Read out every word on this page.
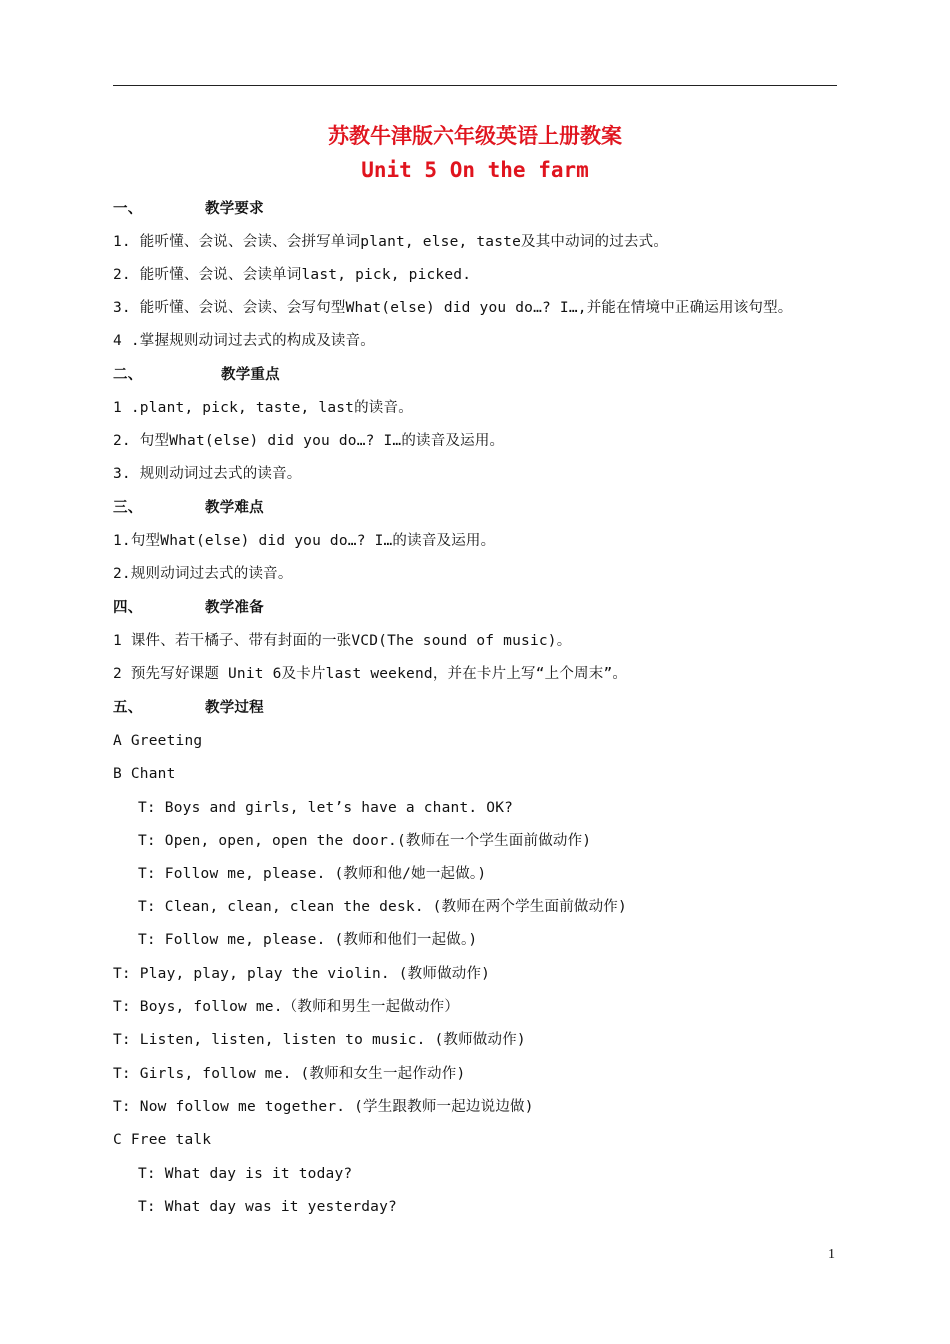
苏教牛津版六年级英语上册教案
Unit 5 On the farm
一、	教学要求
1. 能听懂、会说、会读、会拼写单词plant, else, taste及其中动词的过去式。
2. 能听懂、会说、会读单词last, pick, picked.
3. 能听懂、会说、会读、会写句型What(else) did you do…? I…,并能在情境中正确运用该句型。
4 .掌握规则动词过去式的构成及读音。
二、	教学重点
1 .plant, pick, taste, last的读音。
2. 句型What(else) did you do…? I…的读音及运用。
3. 规则动词过去式的读音。
三、	教学难点
1.句型What(else) did you do…? I…的读音及运用。
2.规则动词过去式的读音。
四、	教学准备
1 课件、若干橘子、带有封面的一张VCD(The sound of music)。
2 预先写好课题 Unit 6及卡片last weekend，并在卡片上写“上个周末”。
五、	教学过程
A Greeting
B Chant
T: Boys and girls, let’s have a chant. OK?
T: Open, open, open the door.(教师在一个学生面前做动作)
T: Follow me, please. (教师和他/她一起做。)
T: Clean, clean, clean the desk. (教师在两个学生面前做动作)
T: Follow me, please. (教师和他们一起做。)
T: Play, play, play the violin. (教师做动作)
T: Boys, follow me.（教师和男生一起做动作）
T: Listen, listen, listen to music. (教师做动作)
T: Girls, follow me. (教师和女生一起作动作)
T: Now follow me together. (学生跟教师一起边说边做)
C Free talk
T: What day is it today?
T: What day was it yesterday?
1
